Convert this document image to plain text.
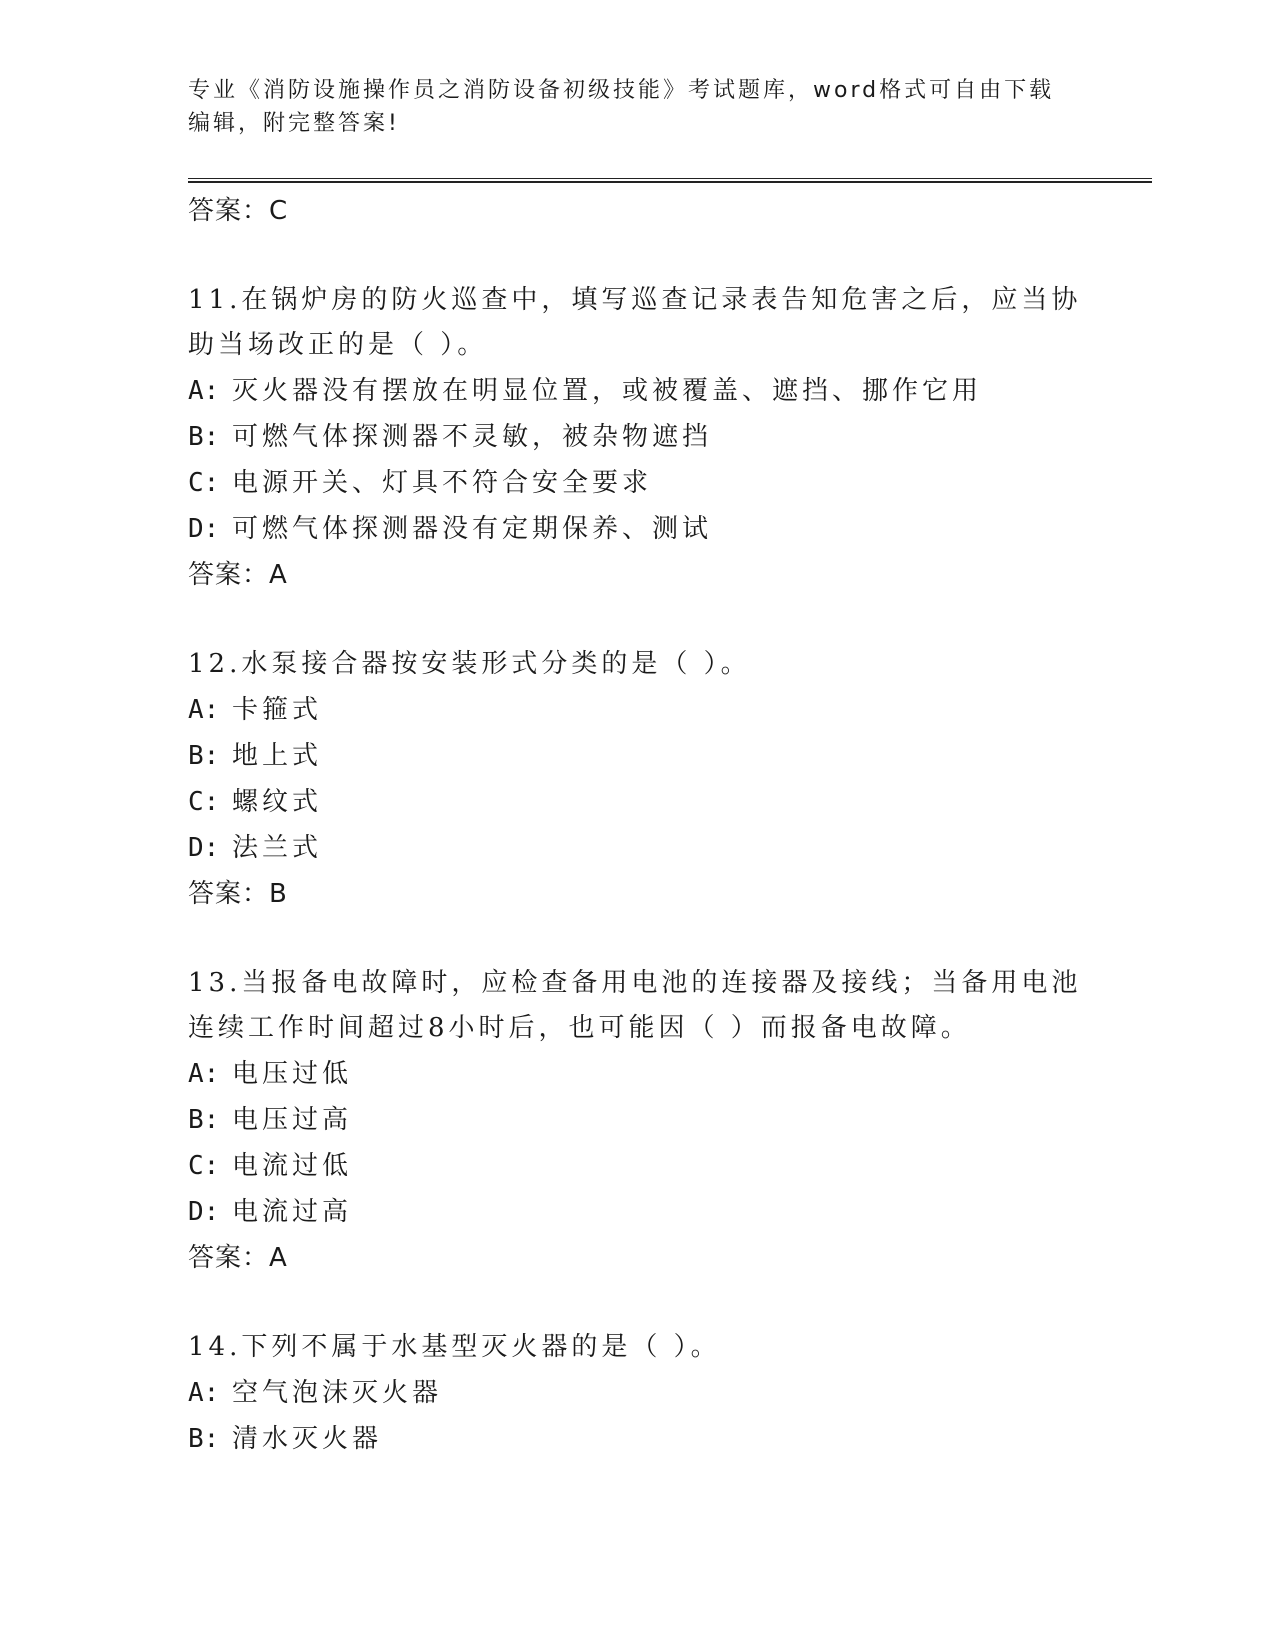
专业《消防设施操作员之消防设备初级技能》考试题库，word格式可自由下载编辑，附完整答案!
答案：C
11.在锅炉房的防火巡查中，填写巡查记录表告知危害之后，应当协助当场改正的是（ ）。
A: 灭火器没有摆放在明显位置，或被覆盖、遮挡、挪作它用
B: 可燃气体探测器不灵敏，被杂物遮挡
C: 电源开关、灯具不符合安全要求
D: 可燃气体探测器没有定期保养、测试
答案：A
12.水泵接合器按安装形式分类的是（ ）。
A: 卡箍式
B: 地上式
C: 螺纹式
D: 法兰式
答案：B
13.当报备电故障时，应检查备用电池的连接器及接线；当备用电池连续工作时间超过8小时后，也可能因（ ）而报备电故障。
A: 电压过低
B: 电压过高
C: 电流过低
D: 电流过高
答案：A
14.下列不属于水基型灭火器的是（ ）。
A: 空气泡沫灭火器
B: 清水灭火器
